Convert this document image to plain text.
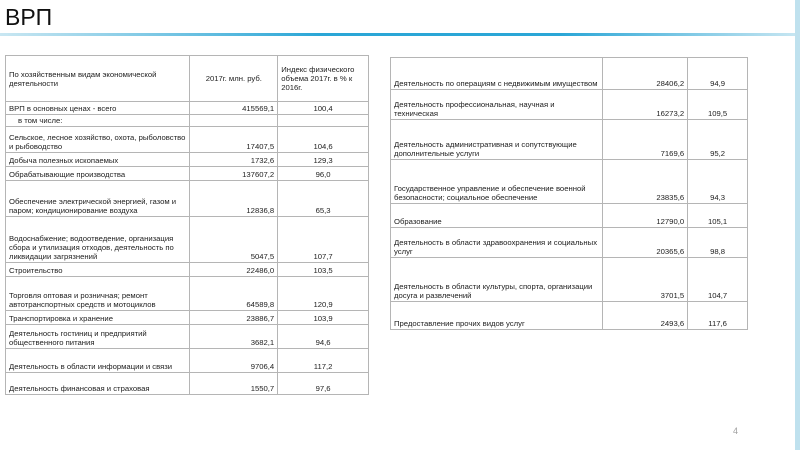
ВРП
По хозяйственным видам экономической деятельности	2017г. млн. руб.	Индекс физического объема 2017г. в % к 2016г.
ВРП в основных ценах - всего	415569,1	100,4
в том числе:		
Сельское, лесное хозяйство, охота, рыболовство и рыбоводство	17407,5	104,6
Добыча полезных ископаемых	1732,6	129,3
Обрабатывающие производства	137607,2	96,0
Обеспечение электрической энергией, газом и паром; кондиционирование воздуха	12836,8	65,3
Водоснабжение; водоотведение, организация сбора и утилизация отходов, деятельность по ликвидации загрязнений	5047,5	107,7
Строительство	22486,0	103,5
Торговля оптовая и розничная; ремонт автотранспортных средств и мотоциклов	64589,8	120,9
Транспортировка и хранение	23886,7	103,9
Деятельность гостиниц и предприятий общественного питания	3682,1	94,6
Деятельность в области информации и связи	9706,4	117,2
Деятельность финансовая и страховая	1550,7	97,6
Деятельность по операциям с недвижимым имуществом	28406,2	94,9
Деятельность профессиональная, научная и техническая	16273,2	109,5
Деятельность административная и сопутствующие дополнительные услуги	7169,6	95,2
Государственное управление и обеспечение военной безопасности; социальное обеспечение	23835,6	94,3
Образование	12790,0	105,1
Деятельность в области здравоохранения и социальных услуг	20365,6	98,8
Деятельность в области культуры, спорта, организации досуга и развлечений	3701,5	104,7
Предоставление прочих видов услуг	2493,6	117,6
4
